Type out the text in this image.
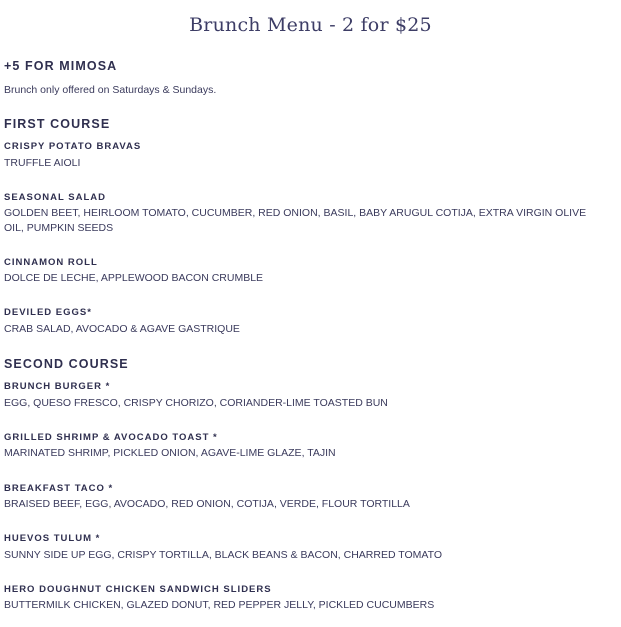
Brunch Menu - 2 for $25
+5 FOR MIMOSA
Brunch only offered on Saturdays & Sundays.
FIRST COURSE
CRISPY POTATO BRAVAS
TRUFFLE AIOLI
SEASONAL SALAD
GOLDEN BEET, HEIRLOOM TOMATO, CUCUMBER, RED ONION, BASIL, BABY ARUGUL COTIJA, EXTRA VIRGIN OLIVE OIL, PUMPKIN SEEDS
CINNAMON ROLL
DOLCE DE LECHE, APPLEWOOD BACON CRUMBLE
DEVILED EGGS*
CRAB SALAD, AVOCADO & AGAVE GASTRIQUE
SECOND COURSE
BRUNCH BURGER *
EGG, QUESO FRESCO, CRISPY CHORIZO, CORIANDER-LIME TOASTED BUN
GRILLED SHRIMP & AVOCADO TOAST *
MARINATED SHRIMP, PICKLED ONION, AGAVE-LIME GLAZE, TAJIN
BREAKFAST TACO *
BRAISED BEEF, EGG, AVOCADO, RED ONION, COTIJA, VERDE, FLOUR TORTILLA
HUEVOS TULUM *
SUNNY SIDE UP EGG, CRISPY TORTILLA, BLACK BEANS & BACON, CHARRED TOMATO
HERO DOUGHNUT CHICKEN SANDWICH SLIDERS
BUTTERMILK CHICKEN, GLAZED DONUT, RED PEPPER JELLY, PICKLED CUCUMBERS
